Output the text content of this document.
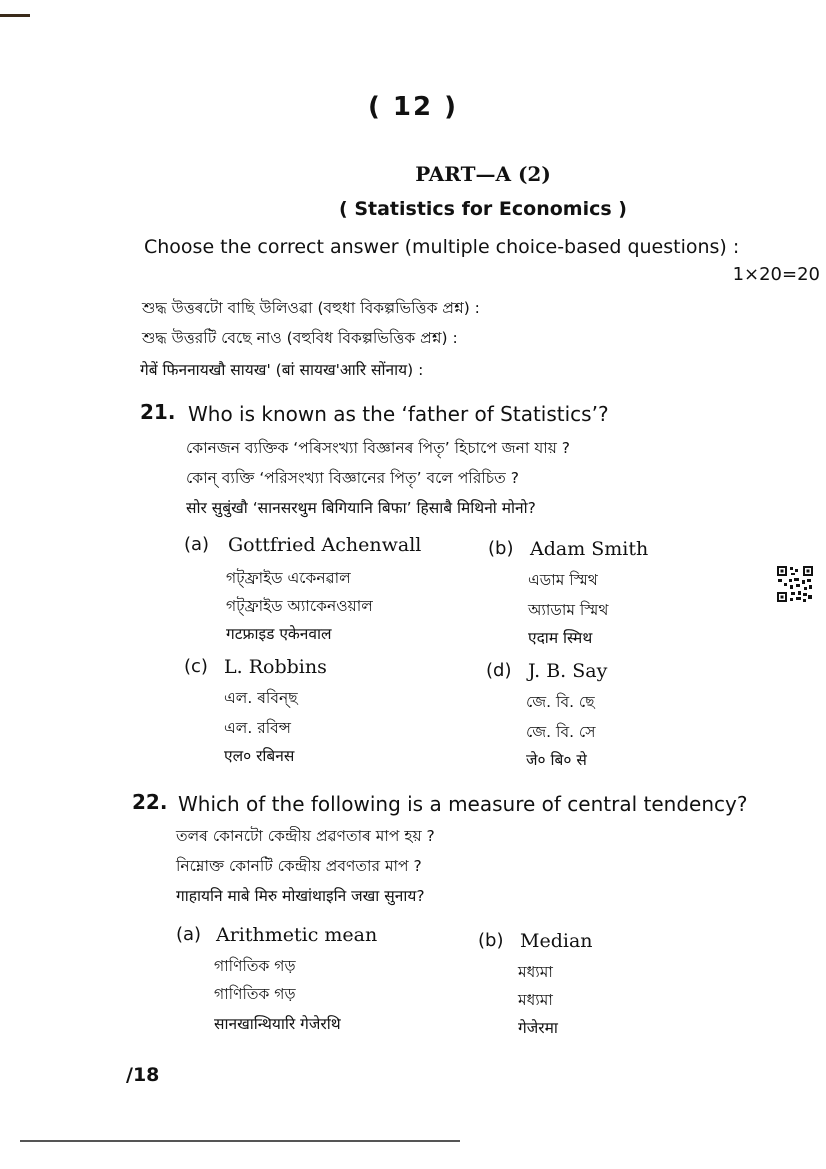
( 12 )
PART—A (2)
( Statistics for Economics )
Choose the correct answer (multiple choice-based questions) :
1×20=20
শুদ্ধ উত্তৰটো বাছি উলিওৱা (বহুধা বিকল্পভিত্তিক প্ৰশ্ন) :
শুদ্ধ উত্তরটি বেছে নাও (বহুবিধ বিকল্পভিত্তিক প্রশ্ন) :
गेबें फिननायखौ सायख' (बां सायख'आरि सोंनाय) :
21. Who is known as the ‘father of Statistics’?
কোনজন ব্যক্তিক ‘পৰিসংখ্যা বিজ্ঞানৰ পিতৃ’ হিচাপে জনা যায় ?
কোন্ ব্যক্তি ‘পরিসংখ্যা বিজ্ঞানের পিতৃ’ বলে পরিচিত ?
सोर सुबुंखौ ‘सानसरथुम बिगियानि बिफा’ हिसाबै मिथिनो मोनो?
(a) Gottfried Achenwall
গট্‌ফ্ৰাইড একেনৱাল
গট্‌ফ্রাইড অ্যাকেনওয়াল
गटफ्राइड एकेनवाल
(b) Adam Smith
এডাম স্মিথ
অ্যাডাম স্মিথ
एदाम स्मिथ
(c) L. Robbins
এল. ৰবিন্‌ছ
এল. রবিন্স
एल० रबिनस
(d) J. B. Say
জে. বি. ছে
জে. বি. সে
जे० बि० से
22. Which of the following is a measure of central tendency?
তলৰ কোনটো কেন্দ্ৰীয় প্ৰৱণতাৰ মাপ হয় ?
নিম্নোক্ত কোনটি কেন্দ্রীয় প্রবণতার মাপ ?
गाहायनि माबे मिरु मोखांथाइनि जखा सुनाय?
(a) Arithmetic mean
গাণিতিক গড়
গাণিতিক গড়
सानखान्थियारि गेजेरथि
(b) Median
মধ্যমা
মধ্যমা
गेजेरमा
/18
